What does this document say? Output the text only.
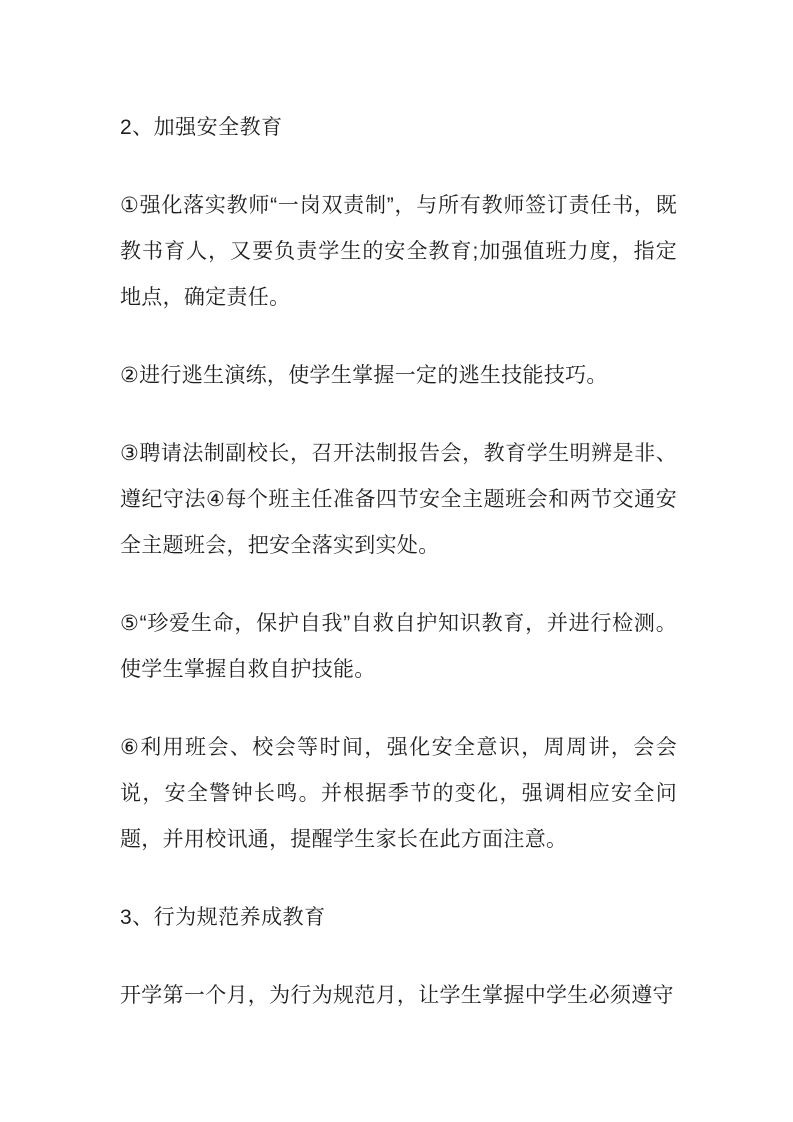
2、加强安全教育

①强化落实教师“一岗双责制”，与所有教师签订责任书，既教书育人，又要负责学生的安全教育;加强值班力度，指定地点，确定责任。

②进行逃生演练，使学生掌握一定的逃生技能技巧。

③聘请法制副校长，召开法制报告会，教育学生明辨是非、遵纪守法④每个班主任准备四节安全主题班会和两节交通安全主题班会，把安全落实到实处。

⑤“珍爱生命，保护自我”自救自护知识教育，并进行检测。使学生掌握自救自护技能。

⑥利用班会、校会等时间，强化安全意识，周周讲，会会说，安全警钟长鸣。并根据季节的变化，强调相应安全问题，并用校讯通，提醒学生家长在此方面注意。

3、行为规范养成教育

开学第一个月，为行为规范月，让学生掌握中学生必须遵守
